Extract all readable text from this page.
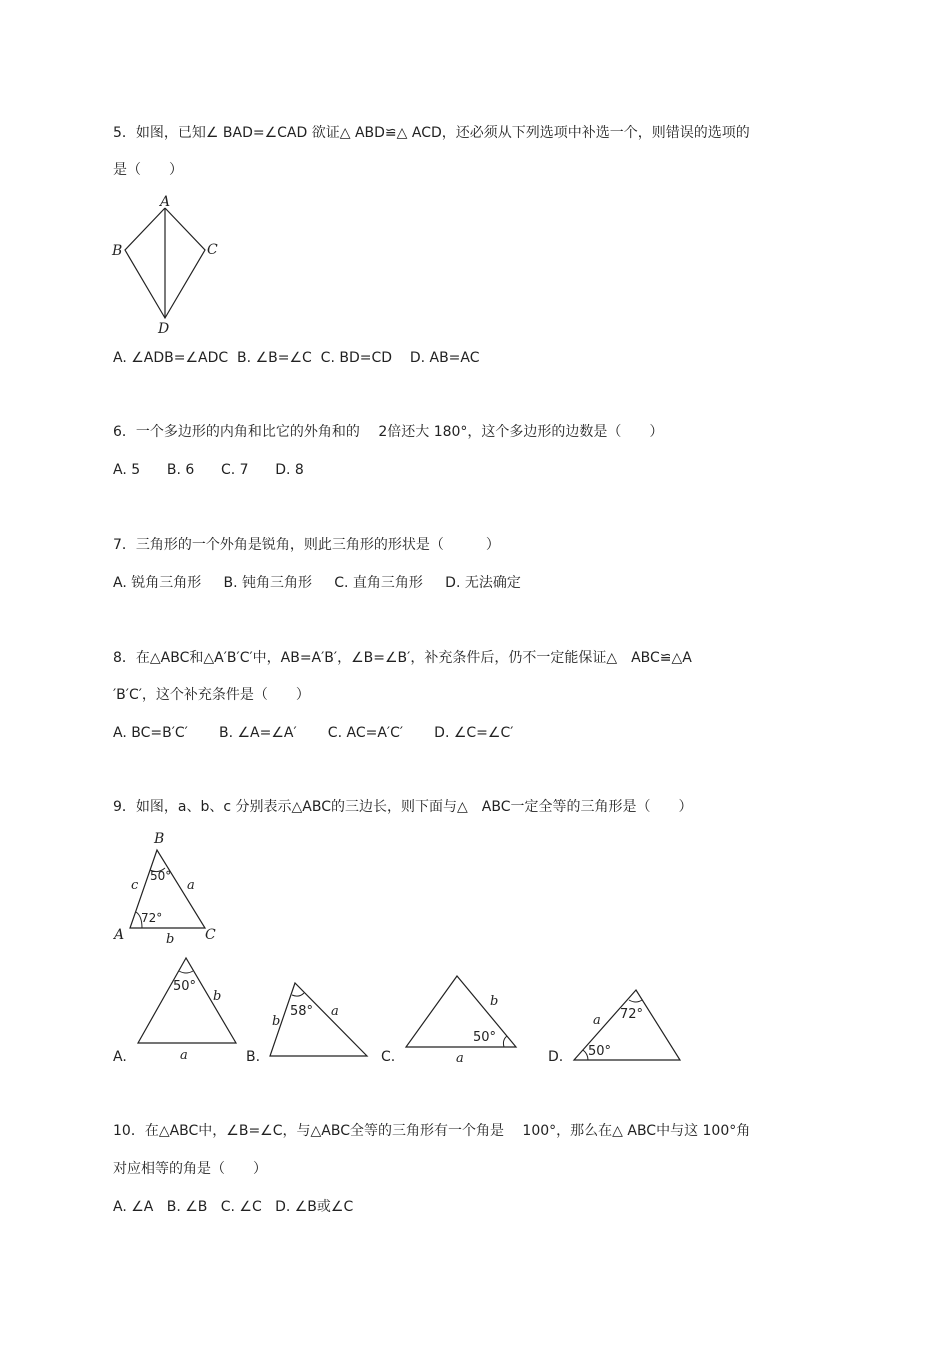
5．如图，已知∠ BAD=∠CAD 欲证△ ABD≌△ ACD，还必须从下列选项中补选一个，则错误的选项的
是（　　）
A
B	C
D
A. ∠ADB=∠ADC  B. ∠B=∠C  C. BD=CD    D. AB=AC
6．一个多边形的内角和比它的外角和的　 2倍还大 180°，这个多边形的边数是（　　）
A. 5      B. 6      C. 7      D. 8
7．三角形的一个外角是锐角，则此三角形的形状是（　　　）
A. 锐角三角形     B. 钝角三角形     C. 直角三角形     D. 无法确定
8．在△ABC和△A′B′C′中，AB=A′B′，∠B=∠B′，补充条件后，仍不一定能保证△　ABC≌△A
′B′C′，这个补充条件是（　　）
A. BC=B′C′       B. ∠A=∠A′       C. AC=A′C′       D. ∠C=∠C′
9．如图，a、b、c 分别表示△ABC的三边长，则下面与△　ABC一定全等的三角形是（　　）
B
A	C
c	a
b
50°
72°
A.
50°
b
a	B.
58°
b
a
C.
50°
b
a	D.
72°
50°
a
10．在△ABC中，∠B=∠C，与△ABC全等的三角形有一个角是　 100°，那么在△ ABC中与这 100°角
对应相等的角是（　　）
A. ∠A   B. ∠B   C. ∠C   D. ∠B或∠C
